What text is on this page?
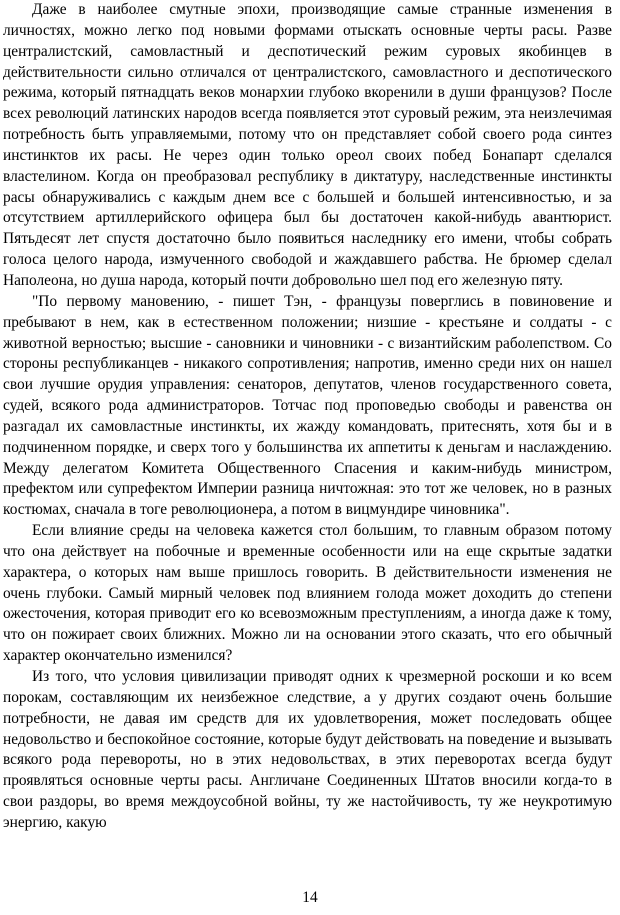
Даже в наиболее смутные эпохи, производящие самые странные изменения в личностях, можно легко под новыми формами отыскать основные черты расы. Разве централистский, самовластный и деспотический режим суровых якобинцев в действительности сильно отличался от централистского, самовластного и деспотического режима, который пятнадцать веков монархии глубоко вкоренили в души французов? После всех революций латинских народов всегда появляется этот суровый режим, эта неизлечимая потребность быть управляемыми, потому что он представляет собой своего рода синтез инстинктов их расы. Не через один только ореол своих побед Бонапарт сделался властелином. Когда он преобразовал республику в диктатуру, наследственные инстинкты расы обнаруживались с каждым днем все с большей и большей интенсивностью, и за отсутствием артиллерийского офицера был бы достаточен какой-нибудь авантюрист. Пятьдесят лет спустя достаточно было появиться наследнику его имени, чтобы собрать голоса целого народа, измученного свободой и жаждавшего рабства. Не брюмер сделал Наполеона, но душа народа, который почти добровольно шел под его железную пяту.

"По первому мановению, - пишет Тэн, - французы поверглись в повиновение и пребывают в нем, как в естественном положении; низшие - крестьяне и солдаты - с животной верностью; высшие - сановники и чиновники - с византийским раболепством. Со стороны республиканцев - никакого сопротивления; напротив, именно среди них он нашел свои лучшие орудия управления: сенаторов, депутатов, членов государственного совета, судей, всякого рода администраторов. Тотчас под проповедью свободы и равенства он разгадал их самовластные инстинкты, их жажду командовать, притеснять, хотя бы и в подчиненном порядке, и сверх того у большинства их аппетиты к деньгам и наслаждению. Между делегатом Комитета Общественного Спасения и каким-нибудь министром, префектом или супрефектом Империи разница ничтожная: это тот же человек, но в разных костюмах, сначала в тоге революционера, а потом в вицмундире чиновника".

Если влияние среды на человека кажется стол большим, то главным образом потому что она действует на побочные и временные особенности или на еще скрытые задатки характера, о которых нам выше пришлось говорить. В действительности изменения не очень глубоки. Самый мирный человек под влиянием голода может доходить до степени ожесточения, которая приводит его ко всевозможным преступлениям, а иногда даже к тому, что он пожирает своих ближних. Можно ли на основании этого сказать, что его обычный характер окончательно изменился?

Из того, что условия цивилизации приводят одних к чрезмерной роскоши и ко всем порокам, составляющим их неизбежное следствие, а у других создают очень большие потребности, не давая им средств для их удовлетворения, может последовать общее недовольство и беспокойное состояние, которые будут действовать на поведение и вызывать всякого рода перевороты, но в этих недовольствах, в этих переворотах всегда будут проявляться основные черты расы. Англичане Соединенных Штатов вносили когда-то в свои раздоры, во время междоусобной войны, ту же настойчивость, ту же неукротимую энергию, какую

14
